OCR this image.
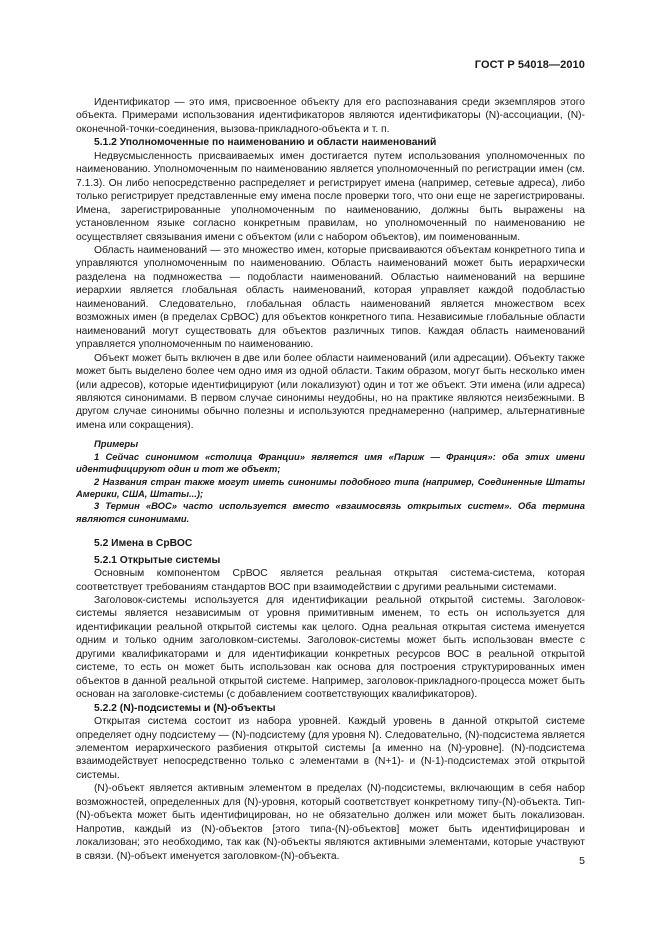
ГОСТ Р 54018—2010

Идентификатор — это имя, присвоенное объекту для его распознавания среди экземпляров этого объекта. Примерами использования идентификаторов являются идентификаторы (N)-ассоциации, (N)-оконечной-точки-соединения, вызова-прикладного-объекта и т. п.

5.1.2 Уполномоченные по наименованию и области наименований

Недвусмысленность присваиваемых имен достигается путем использования уполномоченных по наименованию. Уполномоченным по наименованию является уполномоченный по регистрации имен (см. 7.1.3). Он либо непосредственно распределяет и регистрирует имена (например, сетевые адреса), либо только регистрирует представленные ему имена после проверки того, что они еще не зарегистрированы. Имена, зарегистрированные уполномоченным по наименованию, должны быть выражены на установленном языке согласно конкретным правилам, но уполномоченный по наименованию не осуществляет связывания имени с объектом (или с набором объектов), им поименованным.

Область наименований — это множество имен, которые присваиваются объектам конкретного типа и управляются уполномоченным по наименованию. Область наименований может быть иерархически разделена на подмножества — подобласти наименований. Областью наименований на вершине иерархии является глобальная область наименований, которая управляет каждой подобластью наименований. Следовательно, глобальная область наименований является множеством всех возможных имен (в пределах СрВОС) для объектов конкретного типа. Независимые глобальные области наименований могут существовать для объектов различных типов. Каждая область наименований управляется уполномоченным по наименованию.

Объект может быть включен в две или более области наименований (или адресации). Объекту также может быть выделено более чем одно имя из одной области. Таким образом, могут быть несколько имен (или адресов), которые идентифицируют (или локализуют) один и тот же объект. Эти имена (или адреса) являются синонимами. В первом случае синонимы неудобны, но на практике являются неизбежными. В другом случае синонимы обычно полезны и используются преднамеренно (например, альтернативные имена или сокращения).

Примеры

1 Сейчас синонимом «столица Франции» является имя «Париж — Франция»: оба этих имени идентифицируют один и тот же объект;

2 Названия стран также могут иметь синонимы подобного типа (например, Соединенные Штаты Америки, США, Штаты...);

3 Термин «ВОС» часто используется вместо «взаимосвязь открытых систем». Оба термина являются синонимами.

5.2 Имена в СрВОС
5.2.1 Открытые системы

Основным компонентом СрВОС является реальная открытая система-система, которая соответствует требованиям стандартов ВОС при взаимодействии с другими реальными системами.

Заголовок-системы используется для идентификации реальной открытой системы. Заголовок-системы является независимым от уровня примитивным именем, то есть он используется для идентификации реальной открытой системы как целого. Одна реальная открытая система именуется одним и только одним заголовком-системы. Заголовок-системы может быть использован вместе с другими квалификаторами и для идентификации конкретных ресурсов ВОС в реальной открытой системе, то есть он может быть использован как основа для построения структурированных имен объектов в данной реальной открытой системе. Например, заголовок-прикладного-процесса может быть основан на заголовке-системы (с добавлением соответствующих квалификаторов).

5.2.2 (N)-подсистемы и (N)-объекты

Открытая система состоит из набора уровней. Каждый уровень в данной открытой системе определяет одну подсистему — (N)-подсистему (для уровня N). Следовательно, (N)-подсистема является элементом иерархического разбиения открытой системы [а именно на (N)-уровне]. (N)-подсистема взаимодействует непосредственно только с элементами в (N+1)- и (N-1)-подсистемах этой открытой системы.

(N)-объект является активным элементом в пределах (N)-подсистемы, включающим в себя набор возможностей, определенных для (N)-уровня, который соответствует конкретному типу-(N)-объекта. Тип-(N)-объекта может быть идентифицирован, но не обязательно должен или может быть локализован. Напротив, каждый из (N)-объектов [этого типа-(N)-объектов] может быть идентифицирован и локализован; это необходимо, так как (N)-объекты являются активными элементами, которые участвуют в связи. (N)-объект именуется заголовком-(N)-объекта.	5
